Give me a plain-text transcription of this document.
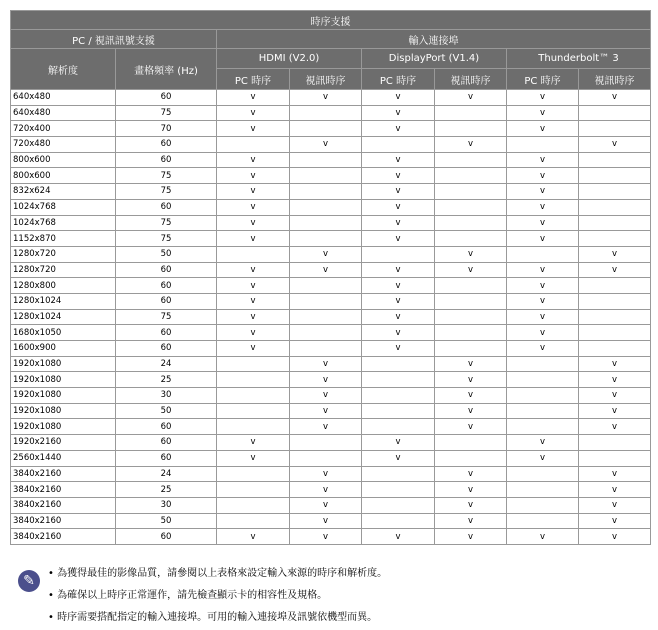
時序支援							
PC / 視訊訊號支援		輸入連接埠					
解析度	畫格頻率 (Hz)	HDMI (V2.0)		DisplayPort (V1.4)		Thunderbolt™ 3	
		PC 時序	視訊時序	PC 時序	視訊時序	PC 時序	視訊時序
640x480	60	v	v	v	v	v	v
640x480	75	v		v		v	
720x400	70	v		v		v	
720x480	60		v		v		v
800x600	60	v		v		v	
800x600	75	v		v		v	
832x624	75	v		v		v	
1024x768	60	v		v		v	
1024x768	75	v		v		v	
1152x870	75	v		v		v	
1280x720	50		v		v		v
1280x720	60	v	v	v	v	v	v
1280x800	60	v		v		v	
1280x1024	60	v		v		v	
1280x1024	75	v		v		v	
1680x1050	60	v		v		v	
1600x900	60	v		v		v	
1920x1080	24		v		v		v
1920x1080	25		v		v		v
1920x1080	30		v		v		v
1920x1080	50		v		v		v
1920x1080	60		v		v		v
1920x2160	60	v		v		v	
2560x1440	60	v		v		v	
3840x2160	24		v		v		v
3840x2160	25		v		v		v
3840x2160	30		v		v		v
3840x2160	50		v		v		v
3840x2160	60	v	v	v	v	v	v
✎	• 為獲得最佳的影像品質，請參閱以上表格來設定輸入來源的時序和解析度。
• 為確保以上時序正常運作，請先檢查顯示卡的相容性及規格。
• 時序需要搭配指定的輸入連接埠。可用的輸入連接埠及訊號依機型而異。
